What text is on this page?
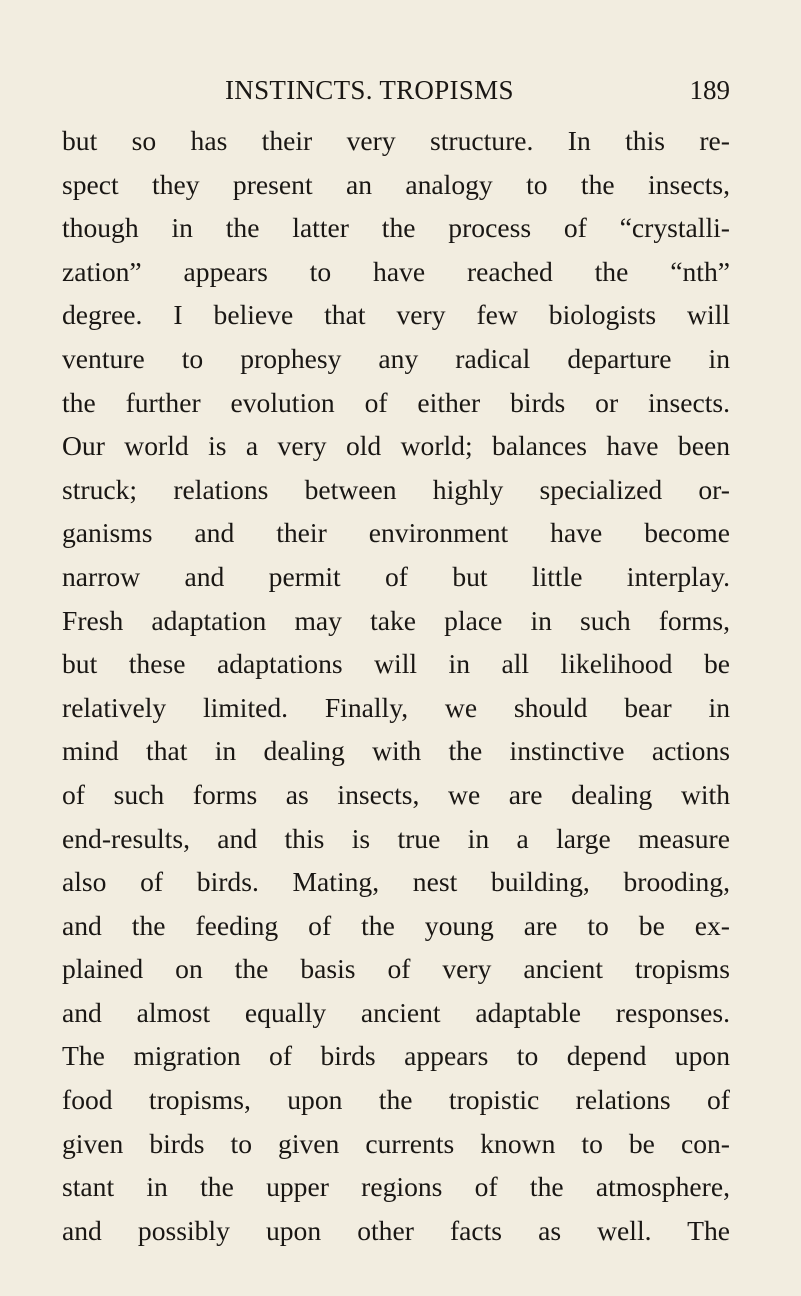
INSTINCTS. TROPISMS	189
but so has their very structure. In this re-
spect they present an analogy to the insects,
though in the latter the process of “crystalli-
zation” appears to have reached the “nth”
degree. I believe that very few biologists will
venture to prophesy any radical departure in
the further evolution of either birds or insects.
Our world is a very old world; balances have been
struck; relations between highly specialized or-
ganisms and their environment have become
narrow and permit of but little interplay.
Fresh adaptation may take place in such forms,
but these adaptations will in all likelihood be
relatively limited. Finally, we should bear in
mind that in dealing with the instinctive actions
of such forms as insects, we are dealing with
end-results, and this is true in a large measure
also of birds. Mating, nest building, brooding,
and the feeding of the young are to be ex-
plained on the basis of very ancient tropisms
and almost equally ancient adaptable responses.
The migration of birds appears to depend upon
food tropisms, upon the tropistic relations of
given birds to given currents known to be con-
stant in the upper regions of the atmosphere,
and possibly upon other facts as well. The
